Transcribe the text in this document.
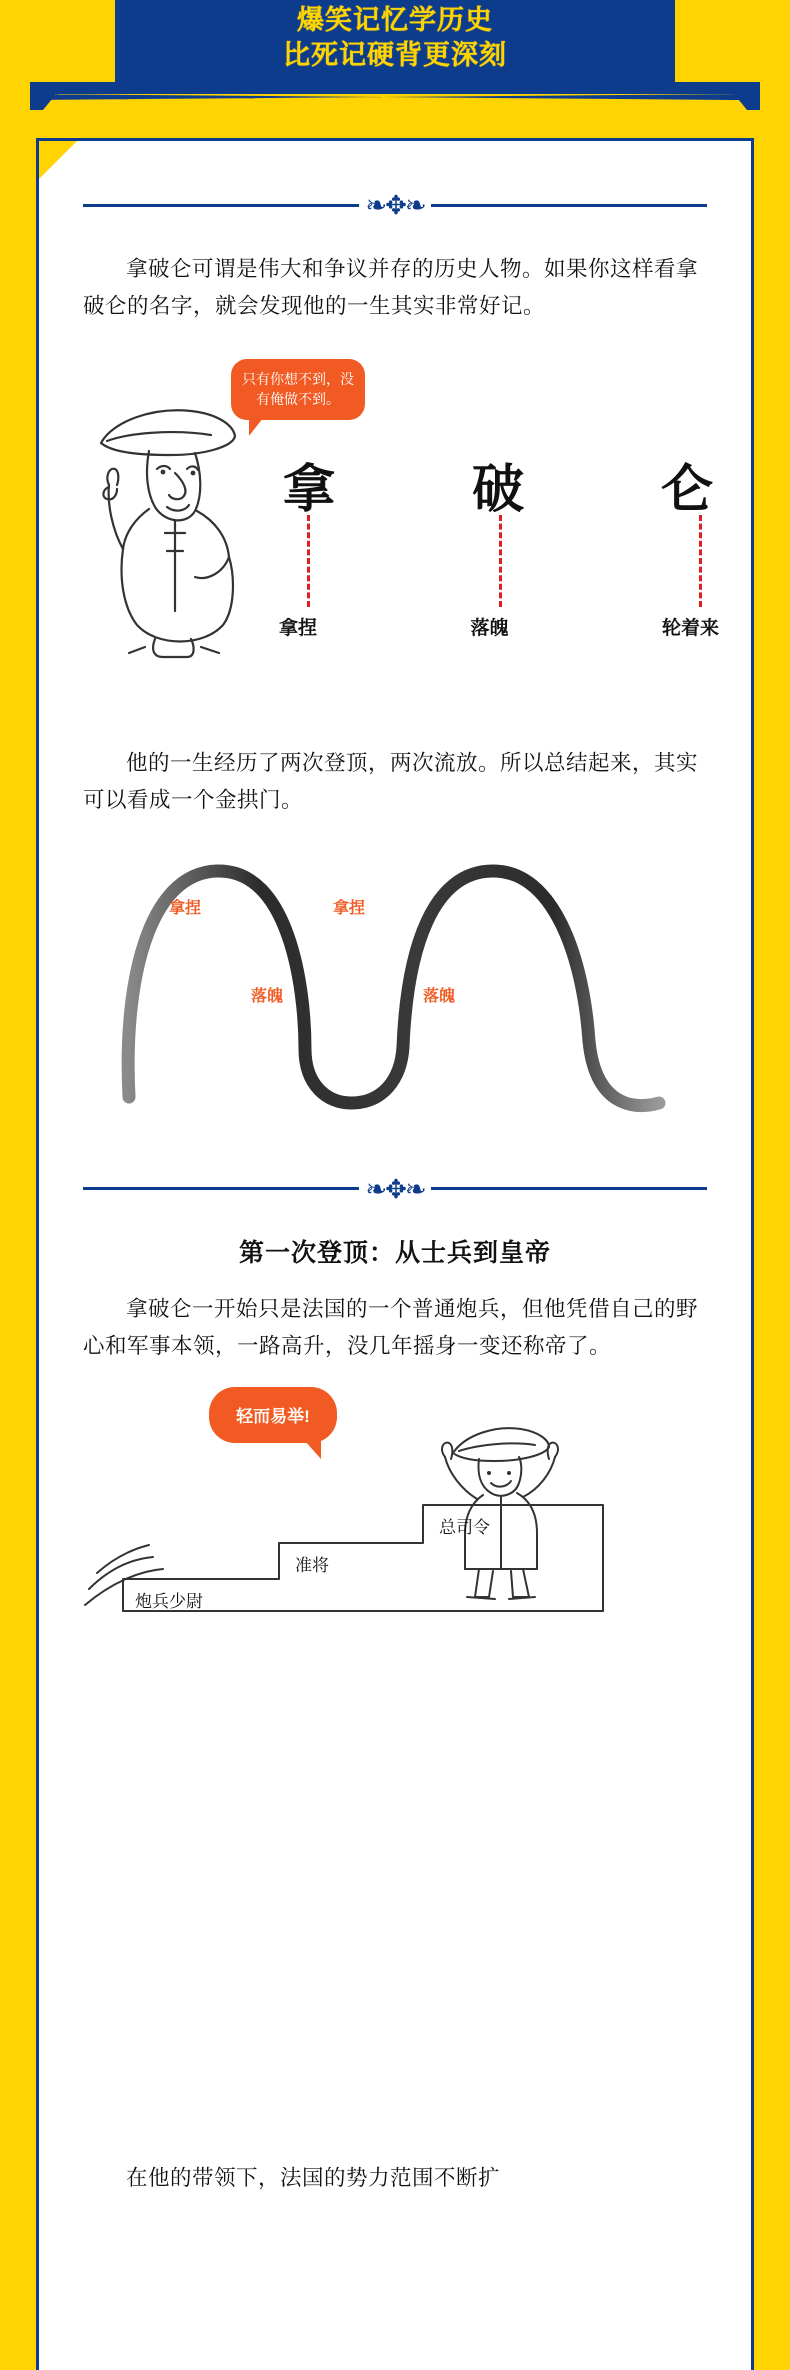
爆笑记忆学历史
比死记硬背更深刻
❧✥❧

拿破仑可谓是伟大和争议并存的历史人物。如果你这样看拿破仑的名字，就会发现他的一生其实非常好记。

只有你想不到，没有俺做不到。
拿	破	仑
拿捏	落魄	轮着来

他的一生经历了两次登顶，两次流放。所以总结起来，其实可以看成一个金拱门。

拿捏	拿捏
落魄	落魄
❧✥❧
第一次登顶：从士兵到皇帝

拿破仑一开始只是法国的一个普通炮兵，但他凭借自己的野心和军事本领，一路高升，没几年摇身一变还称帝了。

轻而易举!
炮兵少尉
准将
总司令
在他的带领下，法国的势力范围不断扩
